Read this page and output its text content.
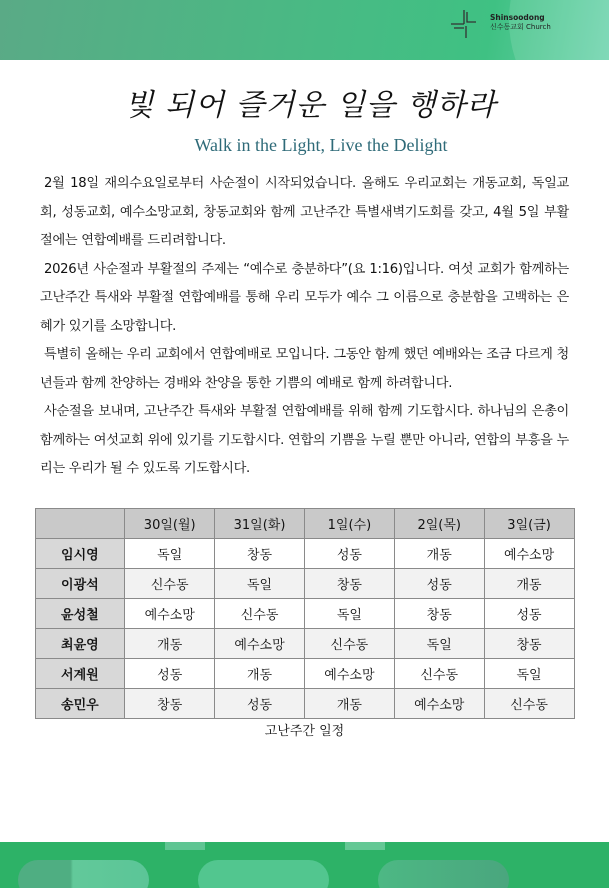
Shinsoodong
신수동교회 Church
빛 되어 즐거운 일을 행하라
Walk in the Light, Live the Delight

2월 18일 재의수요일로부터 사순절이 시작되었습니다. 올해도 우리교회는 개동교회, 독일교회, 성동교회, 예수소망교회, 창동교회와 함께 고난주간 특별새벽기도회를 갖고, 4월 5일 부활절에는 연합예배를 드리려합니다.

2026년 사순절과 부활절의 주제는 “예수로 충분하다”(요 1:16)입니다. 여섯 교회가 함께하는 고난주간 특새와 부활절 연합예배를 통해 우리 모두가 예수 그 이름으로 충분함을 고백하는 은혜가 있기를 소망합니다.

특별히 올해는 우리 교회에서 연합예배로 모입니다. 그동안 함께 했던 예배와는 조금 다르게 청년들과 함께 찬양하는 경배와 찬양을 통한 기쁨의 예배로 함께 하려합니다.

사순절을 보내며, 고난주간 특새와 부활절 연합예배를 위해 함께 기도합시다. 하나님의 은총이 함께하는 여섯교회 위에 있기를 기도합시다. 연합의 기쁨을 누릴 뿐만 아니라, 연합의 부흥을 누리는 우리가 될 수 있도록 기도합시다.

	30일(월)	31일(화)	1일(수)	2일(목)	3일(금)
임시영	독일	창동	성동	개동	예수소망
이광석	신수동	독일	창동	성동	개동
윤성철	예수소망	신수동	독일	창동	성동
최윤영	개동	예수소망	신수동	독일	창동
서계원	성동	개동	예수소망	신수동	독일
송민우	창동	성동	개동	예수소망	신수동
고난주간 일정
